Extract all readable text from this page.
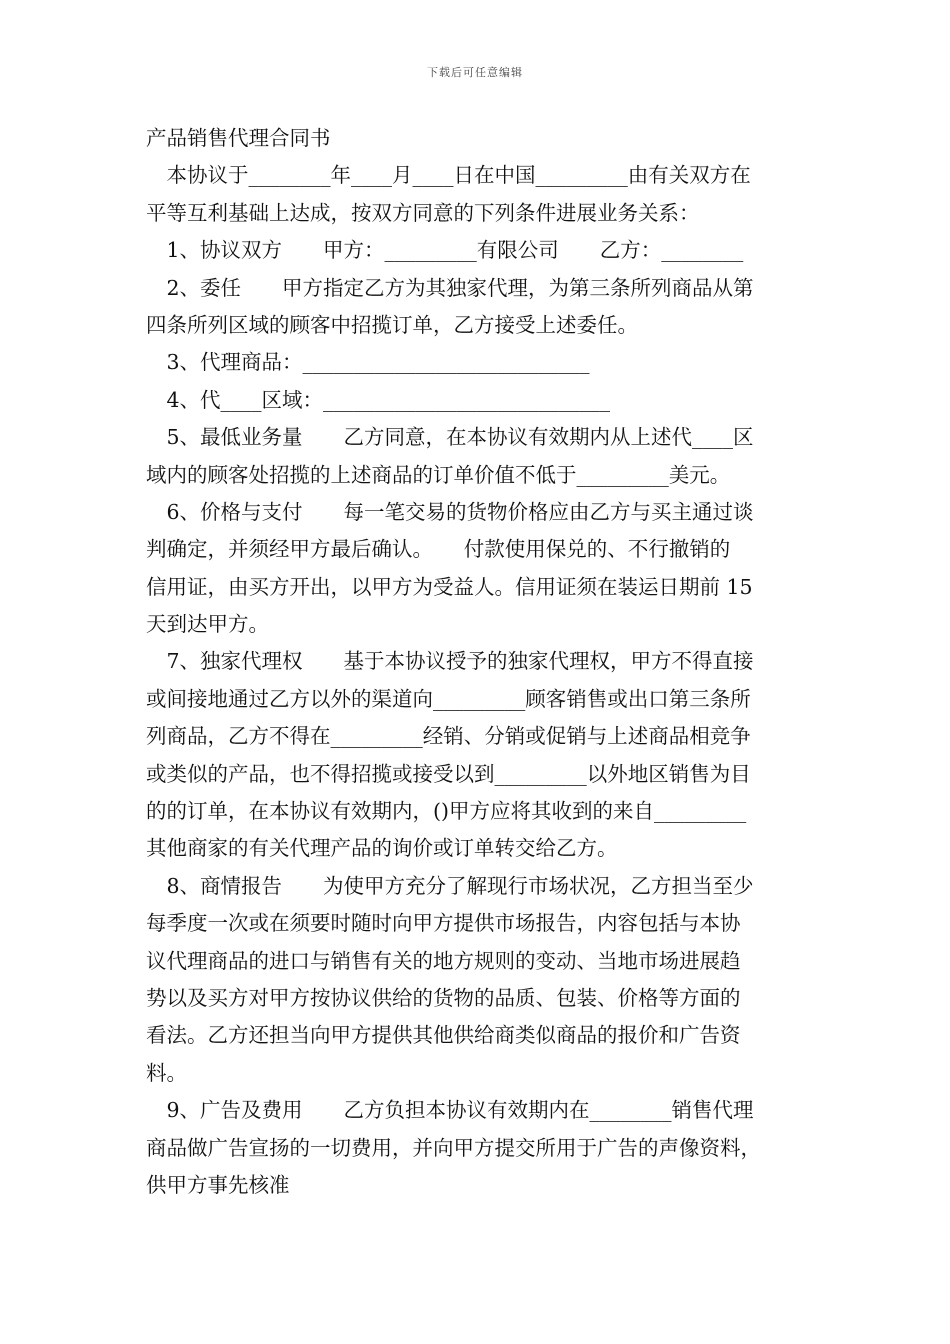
下载后可任意编辑
产品销售代理合同书
　本协议于________年____月____日在中国_________由有关双方在
平等互利基础上达成，按双方同意的下列条件进展业务关系：
　1、协议双方　　甲方：_________有限公司　　乙方：________
　2、委任　　甲方指定乙方为其独家代理，为第三条所列商品从第
四条所列区域的顾客中招揽订单，乙方接受上述委任。
　3、代理商品：____________________________
　4、代____区域：____________________________
　5、最低业务量　　乙方同意，在本协议有效期内从上述代____区
域内的顾客处招揽的上述商品的订单价值不低于_________美元。
　6、价格与支付　　每一笔交易的货物价格应由乙方与买主通过谈
判确定，并须经甲方最后确认。　　付款使用保兑的、不行撤销的
信用证，由买方开出，以甲方为受益人。信用证须在装运日期前 15
天到达甲方。
　7、独家代理权　　基于本协议授予的独家代理权，甲方不得直接
或间接地通过乙方以外的渠道向_________顾客销售或出口第三条所
列商品，乙方不得在_________经销、分销或促销与上述商品相竞争
或类似的产品，也不得招揽或接受以到_________以外地区销售为目
的的订单，在本协议有效期内，()甲方应将其收到的来自_________
其他商家的有关代理产品的询价或订单转交给乙方。
　8、商情报告　　为使甲方充分了解现行市场状况，乙方担当至少
每季度一次或在须要时随时向甲方提供市场报告，内容包括与本协
议代理商品的进口与销售有关的地方规则的变动、当地市场进展趋
势以及买方对甲方按协议供给的货物的品质、包装、价格等方面的
看法。乙方还担当向甲方提供其他供给商类似商品的报价和广告资
料。
　9、广告及费用　　乙方负担本协议有效期内在________销售代理
商品做广告宣扬的一切费用，并向甲方提交所用于广告的声像资料，
供甲方事先核准
